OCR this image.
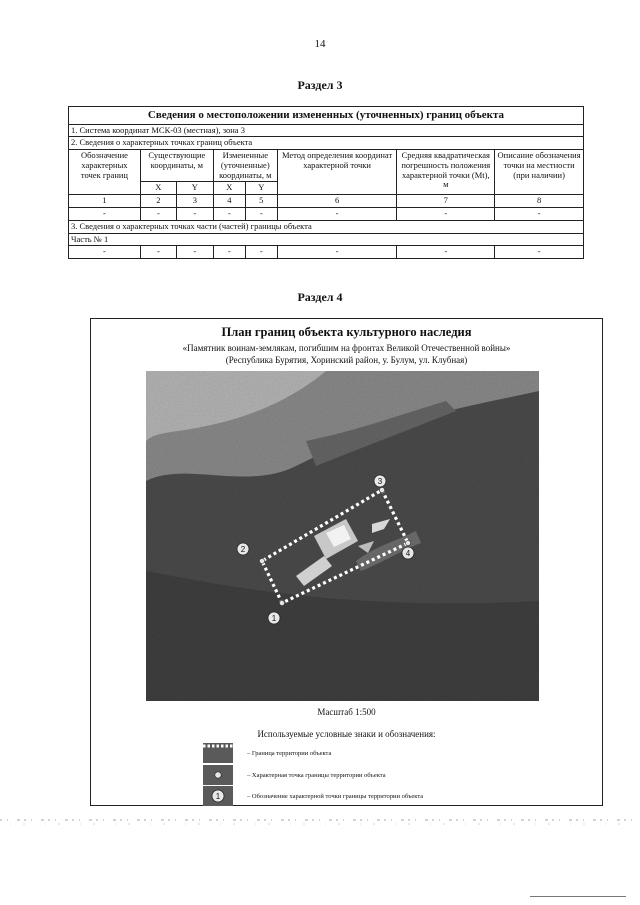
14
Раздел 3
Сведения о местоположении измененных (уточненных) границ объекта							
1. Система координат МСК-03 (местная), зона 3							
2. Сведения о характерных точках границ объекта							
Обозначение характерных точек границ	Существующие координаты, м		Измененные (уточненные) координаты, м		Метод определения координат характерной точки	Средняя квадратическая погрешность положения характерной точки (Mt), м	Описание обозначения точки на местности (при наличии)
	X	Y	X	Y			
1	2	3	4	5	6	7	8
-	-	-	-	-	-	-	-
3. Сведения о характерных точках части (частей) границы объекта							
Часть № 1							
-	-	-	-	-	-	-	-
Раздел 4
План границ объекта культурного наследия
«Памятник воинам-землякам, погибшим на фронтах Великой Отечественной войны»
(Республика Бурятия, Хоринский район, у. Булум, ул. Клубная)
1
2
3
4
Масштаб 1:500
Используемые условные знаки и обозначения:
– Граница территории объекта
– Характерная точка границы территории объекта
1	– Обозначение характерной точки границы территории объекта
